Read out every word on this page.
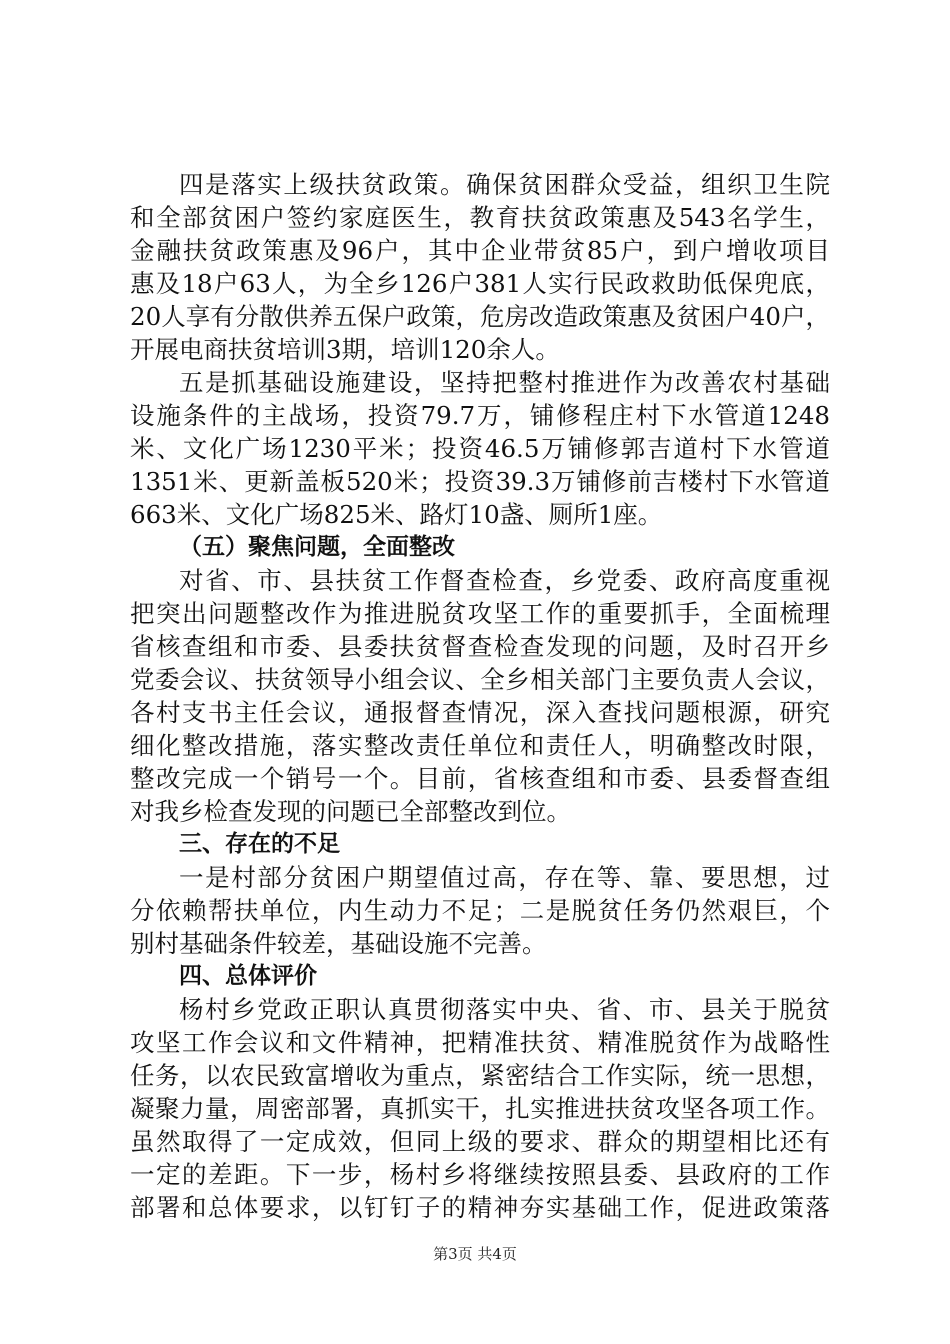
四是落实上级扶贫政策。确保贫困群众受益，组织卫生院
和全部贫困户签约家庭医生，教育扶贫政策惠及543名学生，
金融扶贫政策惠及96户，其中企业带贫85户，到户增收项目
惠及18户63人，为全乡126户381人实行民政救助低保兜底，
20人享有分散供养五保户政策，危房改造政策惠及贫困户40户，
开展电商扶贫培训3期，培训120余人。
五是抓基础设施建设，坚持把整村推进作为改善农村基础
设施条件的主战场，投资79.7万，铺修程庄村下水管道1248
米、文化广场1230平米；投资46.5万铺修郭吉道村下水管道
1351米、更新盖板520米；投资39.3万铺修前吉楼村下水管道
663米、文化广场825米、路灯10盏、厕所1座。
（五）聚焦问题，全面整改
对省、市、县扶贫工作督查检查，乡党委、政府高度重视
把突出问题整改作为推进脱贫攻坚工作的重要抓手，全面梳理
省核查组和市委、县委扶贫督查检查发现的问题，及时召开乡
党委会议、扶贫领导小组会议、全乡相关部门主要负责人会议，
各村支书主任会议，通报督查情况，深入查找问题根源，研究
细化整改措施，落实整改责任单位和责任人，明确整改时限，
整改完成一个销号一个。目前，省核查组和市委、县委督查组
对我乡检查发现的问题已全部整改到位。
三、存在的不足
一是村部分贫困户期望值过高，存在等、靠、要思想，过
分依赖帮扶单位，内生动力不足；二是脱贫任务仍然艰巨，个
别村基础条件较差，基础设施不完善。
四、总体评价
杨村乡党政正职认真贯彻落实中央、省、市、县关于脱贫
攻坚工作会议和文件精神，把精准扶贫、精准脱贫作为战略性
任务，以农民致富增收为重点，紧密结合工作实际，统一思想，
凝聚力量，周密部署，真抓实干，扎实推进扶贫攻坚各项工作。
虽然取得了一定成效，但同上级的要求、群众的期望相比还有
一定的差距。下一步，杨村乡将继续按照县委、县政府的工作
部署和总体要求，以钉钉子的精神夯实基础工作，促进政策落
第3页 共4页
